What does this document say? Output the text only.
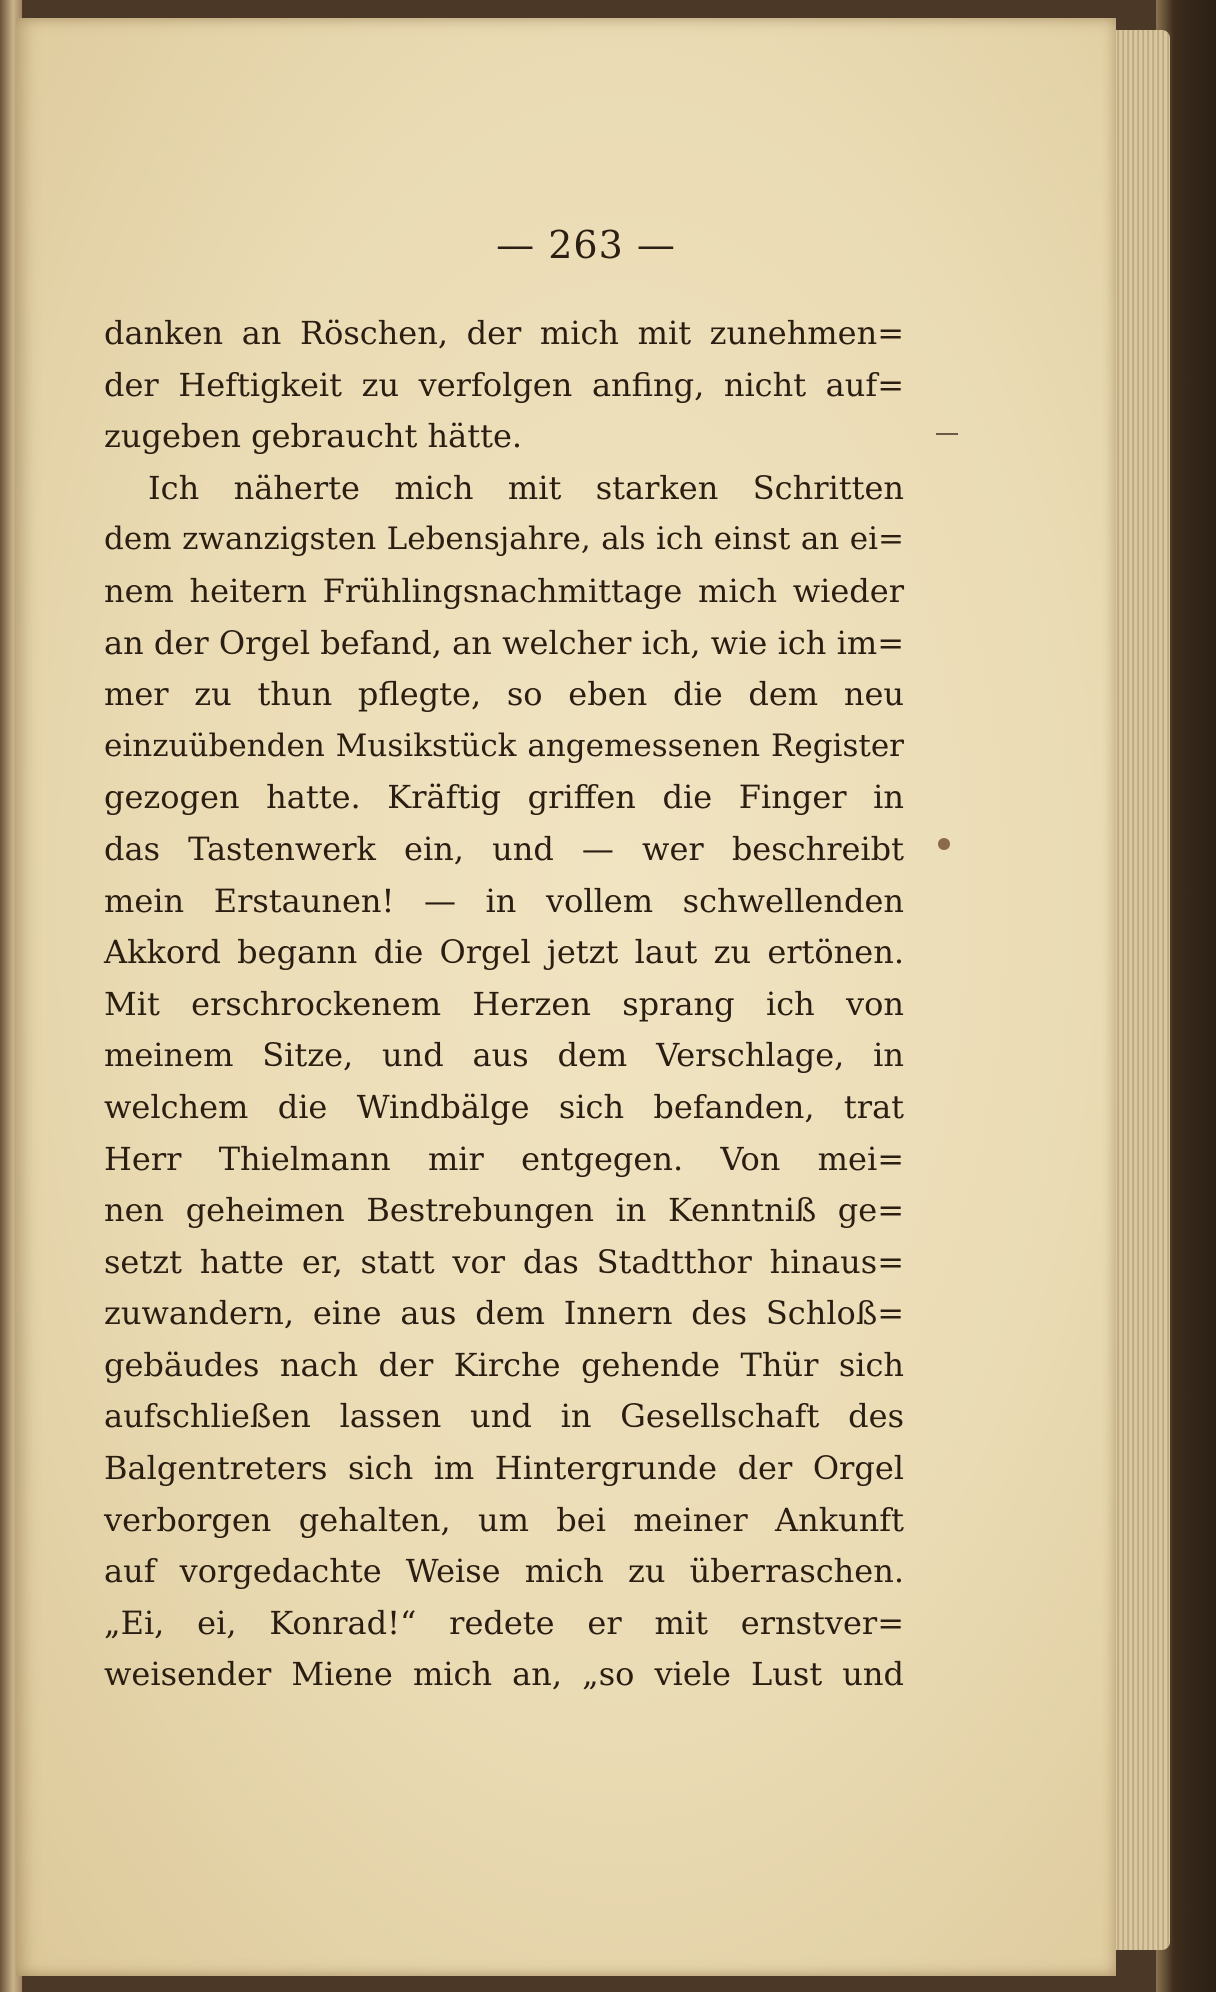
— 263 —
danken an Röschen, der mich mit zunehmen=
der Heftigkeit zu verfolgen anfing, nicht auf=
zugeben gebraucht hätte.
Ich näherte mich mit starken Schritten
dem zwanzigsten Lebensjahre, als ich einst an ei=
nem heitern Frühlingsnachmittage mich wieder
an der Orgel befand, an welcher ich, wie ich im=
mer zu thun pflegte, so eben die dem neu
einzuübenden Musikstück angemessenen Register
gezogen hatte. Kräftig griffen die Finger in
das Tastenwerk ein, und — wer beschreibt
mein Erstaunen! — in vollem schwellenden
Akkord begann die Orgel jetzt laut zu ertönen.
Mit erschrockenem Herzen sprang ich von
meinem Sitze, und aus dem Verschlage, in
welchem die Windbälge sich befanden, trat
Herr Thielmann mir entgegen. Von mei=
nen geheimen Bestrebungen in Kenntniß ge=
setzt hatte er, statt vor das Stadtthor hinaus=
zuwandern, eine aus dem Innern des Schloß=
gebäudes nach der Kirche gehende Thür sich
aufschließen lassen und in Gesellschaft des
Balgentreters sich im Hintergrunde der Orgel
verborgen gehalten, um bei meiner Ankunft
auf vorgedachte Weise mich zu überraschen.
„Ei, ei, Konrad!“ redete er mit ernstver=
weisender Miene mich an, „so viele Lust und
